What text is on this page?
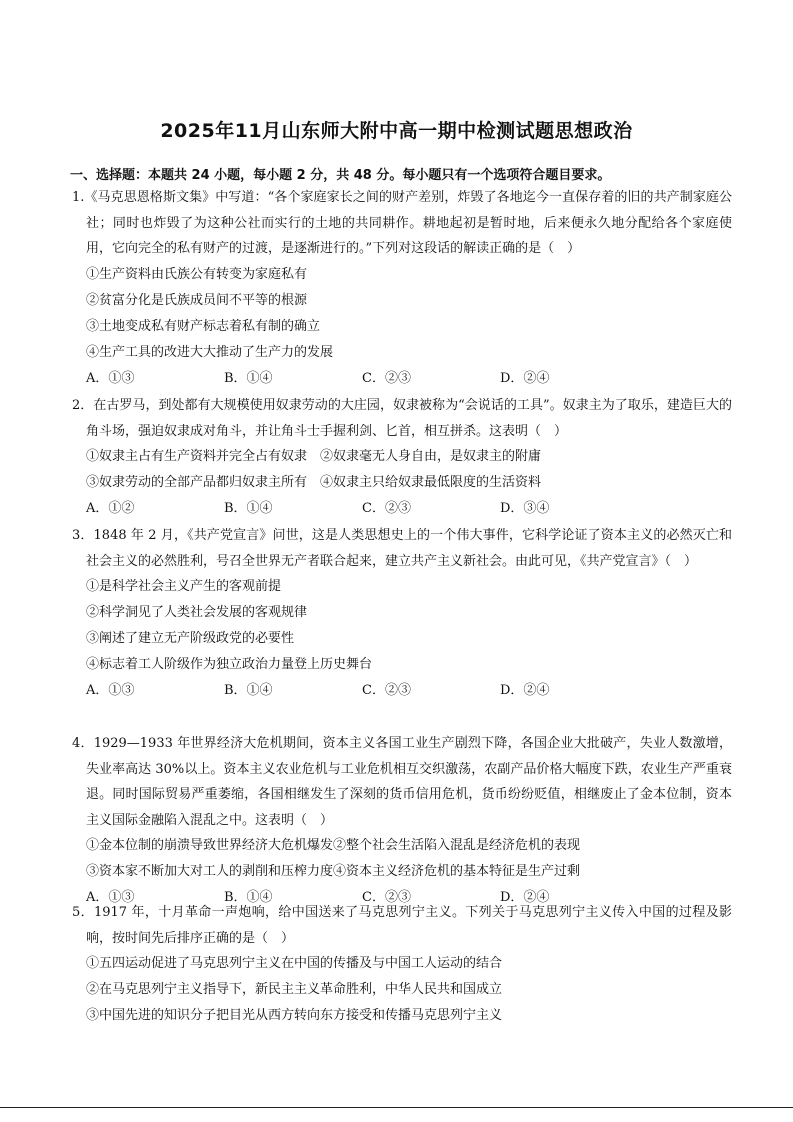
2025年11月山东师大附中高一期中检测试题思想政治
一、选择题：本题共 24 小题，每小题 2 分，共 48 分。每小题只有一个选项符合题目要求。

1.《马克思恩格斯文集》中写道：“各个家庭家长之间的财产差别，炸毁了各地迄今一直保存着的旧的共产制家庭公社；同时也炸毁了为这种公社而实行的土地的共同耕作。耕地起初是暂时地，后来便永久地分配给各个家庭使用，它向完全的私有财产的过渡，是逐渐进行的。”下列对这段话的解读正确的是（　）

①生产资料由氏族公有转变为家庭私有

②贫富分化是氏族成员间不平等的根源

③土地变成私有财产标志着私有制的确立

④生产工具的改进大大推动了生产力的发展

A．①③	B．①④	C．②③	D．②④

2．在古罗马，到处都有大规模使用奴隶劳动的大庄园，奴隶被称为“会说话的工具”。奴隶主为了取乐，建造巨大的角斗场，强迫奴隶成对角斗，并让角斗士手握利剑、匕首，相互拼杀。这表明（　）

①奴隶主占有生产资料并完全占有奴隶　②奴隶毫无人身自由，是奴隶主的附庸

③奴隶劳动的全部产品都归奴隶主所有　④奴隶主只给奴隶最低限度的生活资料

A．①②	B．①④	C．②③	D．③④

3．1848 年 2 月，《共产党宣言》问世，这是人类思想史上的一个伟大事件，它科学论证了资本主义的必然灭亡和社会主义的必然胜利，号召全世界无产者联合起来，建立共产主义新社会。由此可见，《共产党宣言》（　）

①是科学社会主义产生的客观前提

②科学洞见了人类社会发展的客观规律

③阐述了建立无产阶级政党的必要性

④标志着工人阶级作为独立政治力量登上历史舞台

A．①③	B．①④	C．②③	D．②④

4．1929—1933 年世界经济大危机期间，资本主义各国工业生产剧烈下降，各国企业大批破产，失业人数激增，失业率高达 30%以上。资本主义农业危机与工业危机相互交织激荡，农副产品价格大幅度下跌，农业生产严重衰退。同时国际贸易严重萎缩，各国相继发生了深刻的货币信用危机，货币纷纷贬值，相继废止了金本位制，资本主义国际金融陷入混乱之中。这表明（　）

①金本位制的崩溃导致世界经济大危机爆发②整个社会生活陷入混乱是经济危机的表现

③资本家不断加大对工人的剥削和压榨力度④资本主义经济危机的基本特征是生产过剩

A．①③	B．①④	C．②③	D．②④

5．1917 年，十月革命一声炮响，给中国送来了马克思列宁主义。下列关于马克思列宁主义传入中国的过程及影响，按时间先后排序正确的是（　）

①五四运动促进了马克思列宁主义在中国的传播及与中国工人运动的结合

②在马克思列宁主义指导下，新民主主义革命胜利，中华人民共和国成立

③中国先进的知识分子把目光从西方转向东方接受和传播马克思列宁主义
